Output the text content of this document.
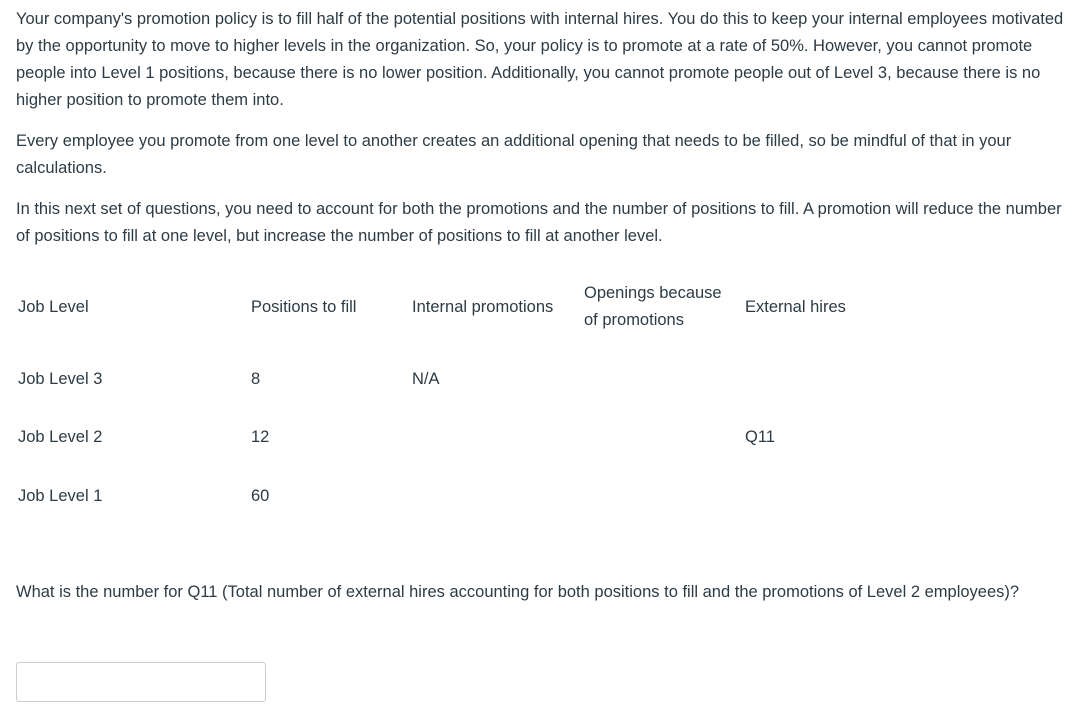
Your company's promotion policy is to fill half of the potential positions with internal hires. You do this to keep your internal employees motivated by the opportunity to move to higher levels in the organization. So, your policy is to promote at a rate of 50%. However, you cannot promote people into Level 1 positions, because there is no lower position. Additionally, you cannot promote people out of Level 3, because there is no higher position to promote them into.

Every employee you promote from one level to another creates an additional opening that needs to be filled, so be mindful of that in your calculations.

In this next set of questions, you need to account for both the promotions and the number of positions to fill. A promotion will reduce the number of positions to fill at one level, but increase the number of positions to fill at another level.

Job Level	Positions to fill	Internal promotions	Openings because
of promotions	External hires
Job Level 3	8	N/A		
Job Level 2	12			Q11
Job Level 1	60			

What is the number for Q11 (Total number of external hires accounting for both positions to fill and the promotions of Level 2 employees)?
